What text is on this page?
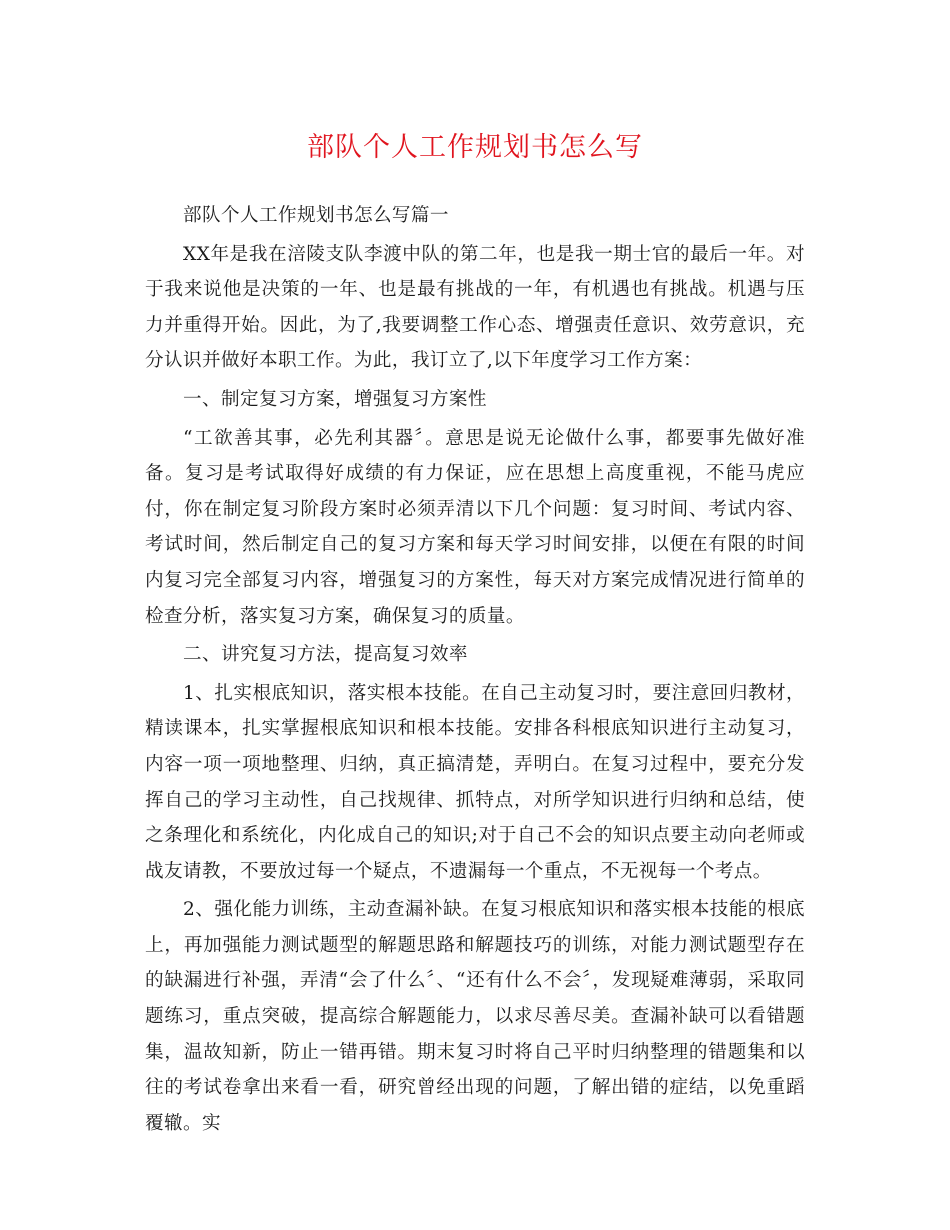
部队个人工作规划书怎么写

部队个人工作规划书怎么写篇一

XX年是我在涪陵支队李渡中队的第二年，也是我一期士官的最后一年。对于我来说他是决策的一年、也是最有挑战的一年，有机遇也有挑战。机遇与压力并重得开始。因此，为了,我要调整工作心态、增强责任意识、效劳意识，充分认识并做好本职工作。为此，我订立了,以下年度学习工作方案：

一、制定复习方案，增强复习方案性

“工欲善其事，必先利其器〞。意思是说无论做什么事，都要事先做好准备。复习是考试取得好成绩的有力保证，应在思想上高度重视，不能马虎应付，你在制定复习阶段方案时必须弄清以下几个问题：复习时间、考试内容、考试时间，然后制定自己的复习方案和每天学习时间安排，以便在有限的时间内复习完全部复习内容，增强复习的方案性，每天对方案完成情况进行简单的检查分析，落实复习方案，确保复习的质量。

二、讲究复习方法，提高复习效率

1、扎实根底知识，落实根本技能。在自己主动复习时，要注意回归教材，精读课本，扎实掌握根底知识和根本技能。安排各科根底知识进行主动复习，内容一项一项地整理、归纳，真正搞清楚，弄明白。在复习过程中，要充分发挥自己的学习主动性，自己找规律、抓特点，对所学知识进行归纳和总结，使之条理化和系统化，内化成自己的知识;对于自己不会的知识点要主动向老师或战友请教，不要放过每一个疑点，不遗漏每一个重点，不无视每一个考点。

2、强化能力训练，主动查漏补缺。在复习根底知识和落实根本技能的根底上，再加强能力测试题型的解题思路和解题技巧的训练，对能力测试题型存在的缺漏进行补强，弄清“会了什么〞、“还有什么不会〞，发现疑难薄弱，采取同题练习，重点突破，提高综合解题能力，以求尽善尽美。查漏补缺可以看错题集，温故知新，防止一错再错。期末复习时将自己平时归纳整理的错题集和以往的考试卷拿出来看一看，研究曾经出现的问题，了解出错的症结，以免重蹈覆辙。实
